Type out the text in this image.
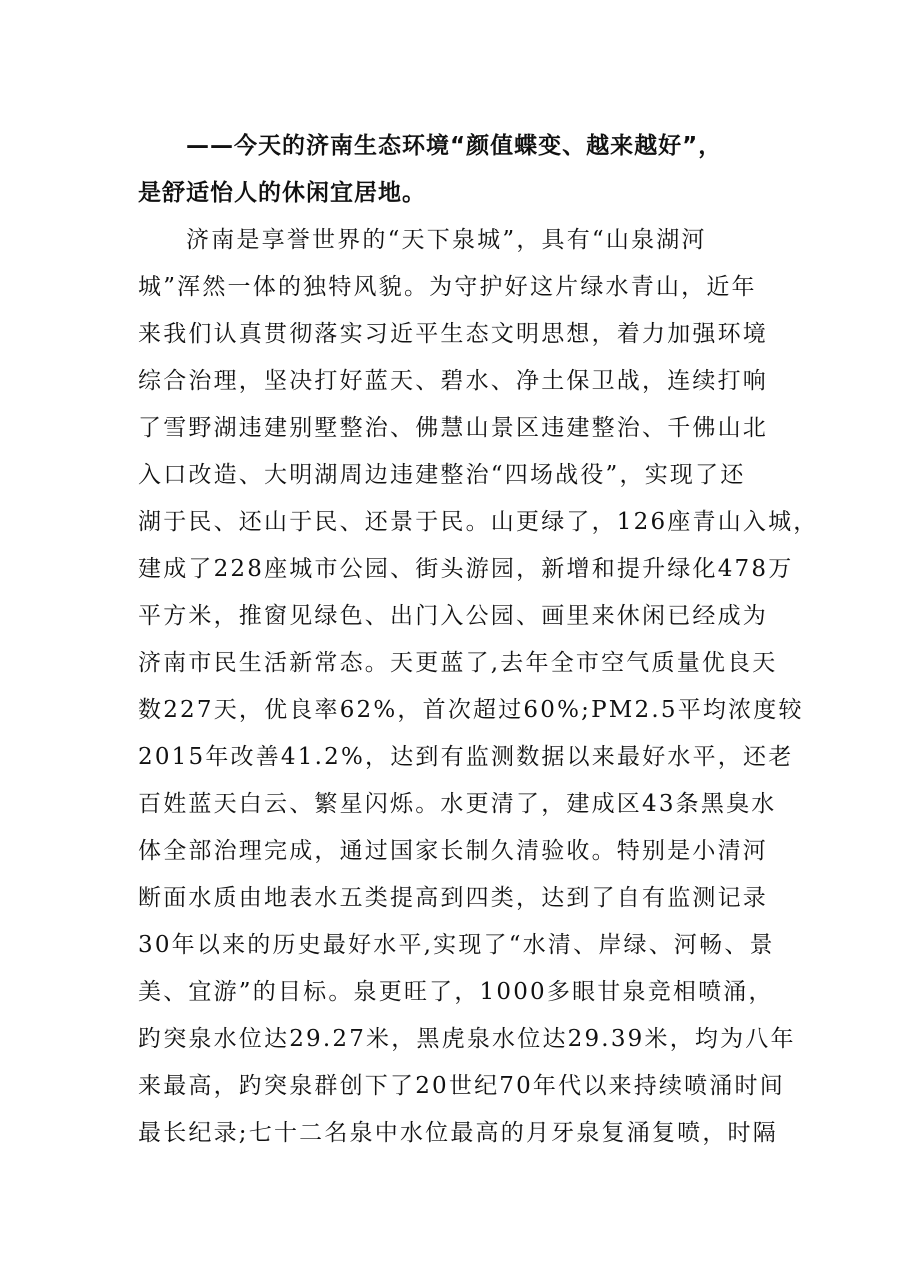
——今天的济南生态环境“颜值蝶变、越来越好”，
是舒适怡人的休闲宜居地。
济南是享誉世界的“天下泉城”，具有“山泉湖河
城”浑然一体的独特风貌。为守护好这片绿水青山，近年
来我们认真贯彻落实习近平生态文明思想，着力加强环境
综合治理，坚决打好蓝天、碧水、净土保卫战，连续打响
了雪野湖违建别墅整治、佛慧山景区违建整治、千佛山北
入口改造、大明湖周边违建整治“四场战役”，实现了还
湖于民、还山于民、还景于民。山更绿了，126座青山入城，
建成了228座城市公园、街头游园，新增和提升绿化478万
平方米，推窗见绿色、出门入公园、画里来休闲已经成为
济南市民生活新常态。天更蓝了,去年全市空气质量优良天
数227天，优良率62%，首次超过60%;PM2.5平均浓度较
2015年改善41.2%，达到有监测数据以来最好水平，还老
百姓蓝天白云、繁星闪烁。水更清了，建成区43条黑臭水
体全部治理完成，通过国家长制久清验收。特别是小清河
断面水质由地表水五类提高到四类，达到了自有监测记录
30年以来的历史最好水平,实现了“水清、岸绿、河畅、景
美、宜游”的目标。泉更旺了，1000多眼甘泉竞相喷涌，
趵突泉水位达29.27米，黑虎泉水位达29.39米，均为八年
来最高，趵突泉群创下了20世纪70年代以来持续喷涌时间
最长纪录;七十二名泉中水位最高的月牙泉复涌复喷，时隔
